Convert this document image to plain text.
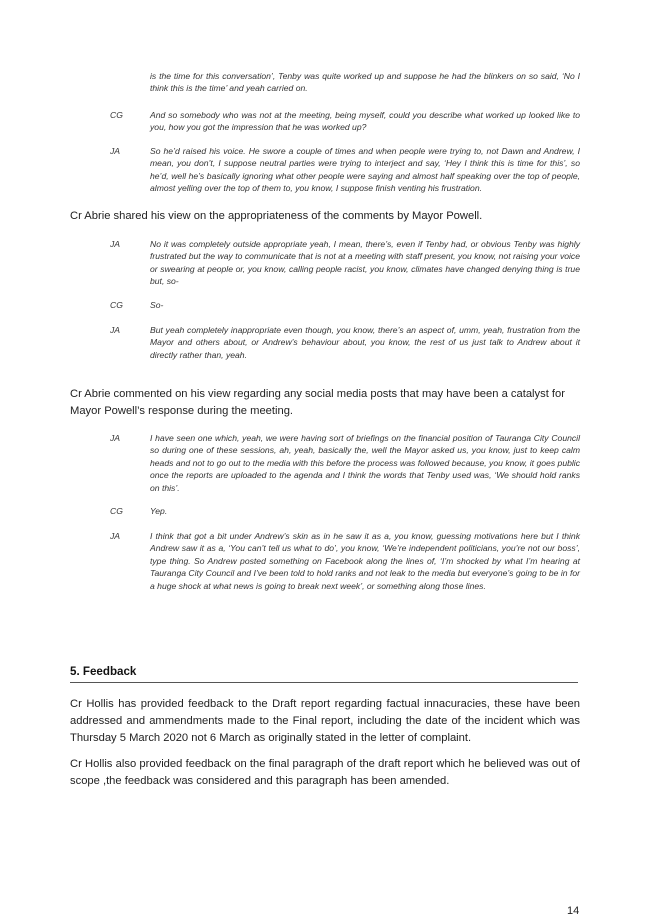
is the time for this conversation’, Tenby was quite worked up and suppose he had the blinkers on so said, ‘No I think this is the time’ and yeah carried on.
CG	And so somebody who was not at the meeting, being myself, could you describe what worked up looked like to you, how you got the impression that he was worked up?
JA	So he’d raised his voice. He swore a couple of times and when people were trying to, not Dawn and Andrew, I mean, you don’t, I suppose neutral parties were trying to interject and say, ‘Hey I think this is time for this’, so he’d, well he’s basically ignoring what other people were saying and almost half speaking over the top of people, almost yelling over the top of them to, you know, I suppose finish venting his frustration.
Cr Abrie shared his view on the appropriateness of the comments by Mayor Powell.
JA	No it was completely outside appropriate yeah, I mean, there’s, even if Tenby had, or obvious Tenby was highly frustrated but the way to communicate that is not at a meeting with staff present, you know, not raising your voice or swearing at people or, you know, calling people racist, you know, climates have changed denying thing is true but, so-
CG	So-
JA	But yeah completely inappropriate even though, you know, there’s an aspect of, umm, yeah, frustration from the Mayor and others about, or Andrew’s behaviour about, you know, the rest of us just talk to Andrew about it directly rather than, yeah.
Cr Abrie commented on his view regarding any social media posts that may have been a catalyst for Mayor Powell’s response during the meeting.
JA	I have seen one which, yeah, we were having sort of briefings on the financial position of Tauranga City Council so during one of these sessions, ah, yeah, basically the, well the Mayor asked us, you know, just to keep calm heads and not to go out to the media with this before the process was followed because, you know, it goes public once the reports are uploaded to the agenda and I think the words that Tenby used was, ‘We should hold ranks on this’.
CG	Yep.
JA	I think that got a bit under Andrew’s skin as in he saw it as a, you know, guessing motivations here but I think Andrew saw it as a, ‘You can’t tell us what to do’, you know, ‘We’re independent politicians, you’re not our boss’, type thing. So Andrew posted something on Facebook along the lines of, ‘I’m shocked by what I’m hearing at Tauranga City Council and I’ve been told to hold ranks and not leak to the media but everyone’s going to be in for a huge shock at what news is going to break next week’, or something along those lines.
5. Feedback
Cr Hollis has provided feedback to the Draft report regarding factual innacuracies, these have been addressed and ammendments made to the Final report, including the date of the incident which was Thursday 5 March 2020 not 6 March as originally stated in the letter of complaint.
Cr Hollis also provided feedback on the final paragraph of the draft report which he believed was out of scope ,the feedback was considered and this paragraph has been amended.
14
